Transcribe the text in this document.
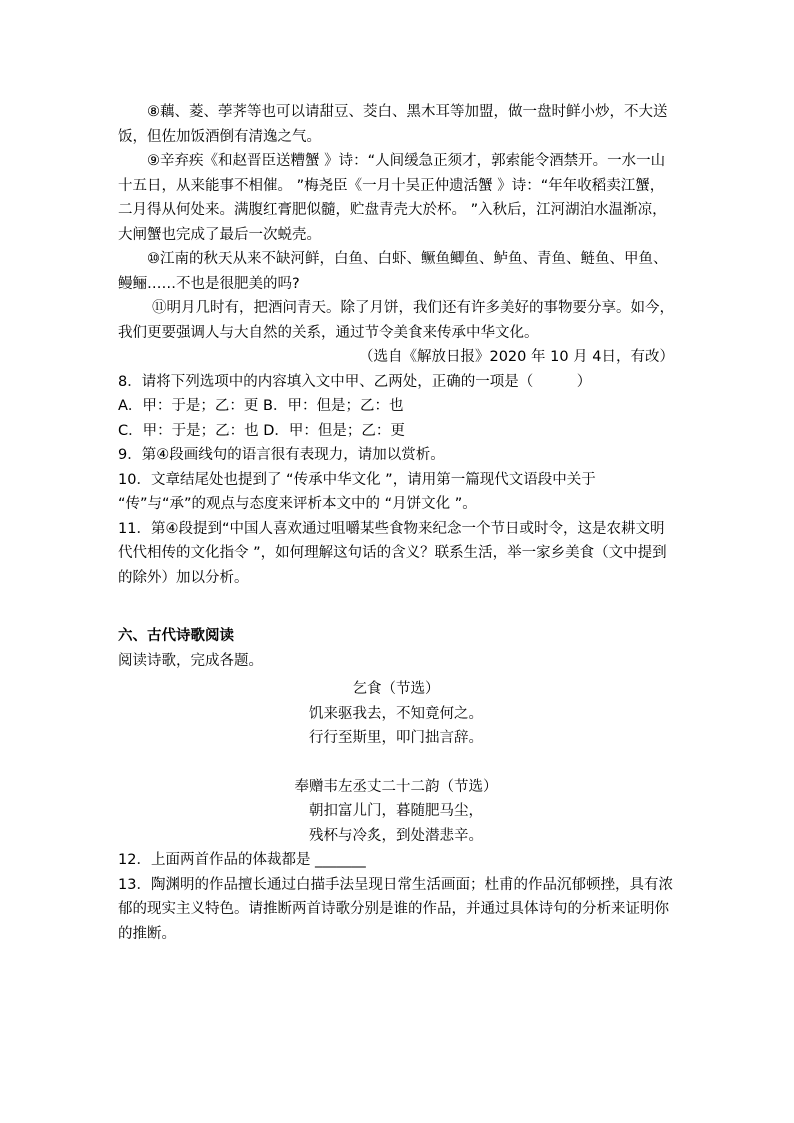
⑧藕、菱、荸荠等也可以请甜豆、茭白、黑木耳等加盟，做一盘时鲜小炒，不大送饭，但佐加饭酒倒有清逸之气。

⑨辛弃疾《和赵晋臣送糟蟹 》诗：“人间缓急正须才，郭索能令酒禁开。一水一山十五日，从来能事不相催。 ”梅尧臣《一月十吴正仲遗活蟹 》诗：“年年收稻卖江蟹，二月得从何处来。满腹红膏肥似髓，贮盘青壳大於杯。 ”入秋后，江河湖泊水温渐凉，大闸蟹也完成了最后一次蜕壳。

⑩江南的秋天从来不缺河鲜，白鱼、白虾、鳜鱼鲫鱼、鲈鱼、青鱼、鲢鱼、甲鱼、鳗鲡……不也是很肥美的吗?

⑪明月几时有，把酒问青天。除了月饼，我们还有许多美好的事物要分享。如今，我们更要强调人与大自然的关系，通过节令美食来传承中华文化。

（选自《解放日报》2020 年 10 月 4日，有改）

8．请将下列选项中的内容填入文中甲、乙两处，正确的一项是（　　　）

A．甲：于是；乙：更 B．甲：但是；乙：也

C．甲：于是；乙：也 D．甲：但是；乙：更

9．第④段画线句的语言很有表现力，请加以赏析。

10．文章结尾处也提到了 “传承中华文化 ”，请用第一篇现代文语段中关于 “传”与“承”的观点与态度来评析本文中的 “月饼文化 ”。

11．第④段提到“中国人喜欢通过咀嚼某些食物来纪念一个节日或时令，这是农耕文明代代相传的文化指令 ”，如何理解这句话的含义？联系生活，举一家乡美食（文中提到的除外）加以分析。

六、古代诗歌阅读

阅读诗歌，完成各题。

乞食（节选）

饥来驱我去，不知竟何之。

行行至斯里，叩门拙言辞。

奉赠韦左丞丈二十二韵（节选）

朝扣富儿门，暮随肥马尘，

残杯与冷炙，到处潜悲辛。

12．上面两首作品的体裁都是 _______

13．陶渊明的作品擅长通过白描手法呈现日常生活画面；杜甫的作品沉郁顿挫，具有浓郁的现实主义特色。请推断两首诗歌分别是谁的作品，并通过具体诗句的分析来证明你的推断。
